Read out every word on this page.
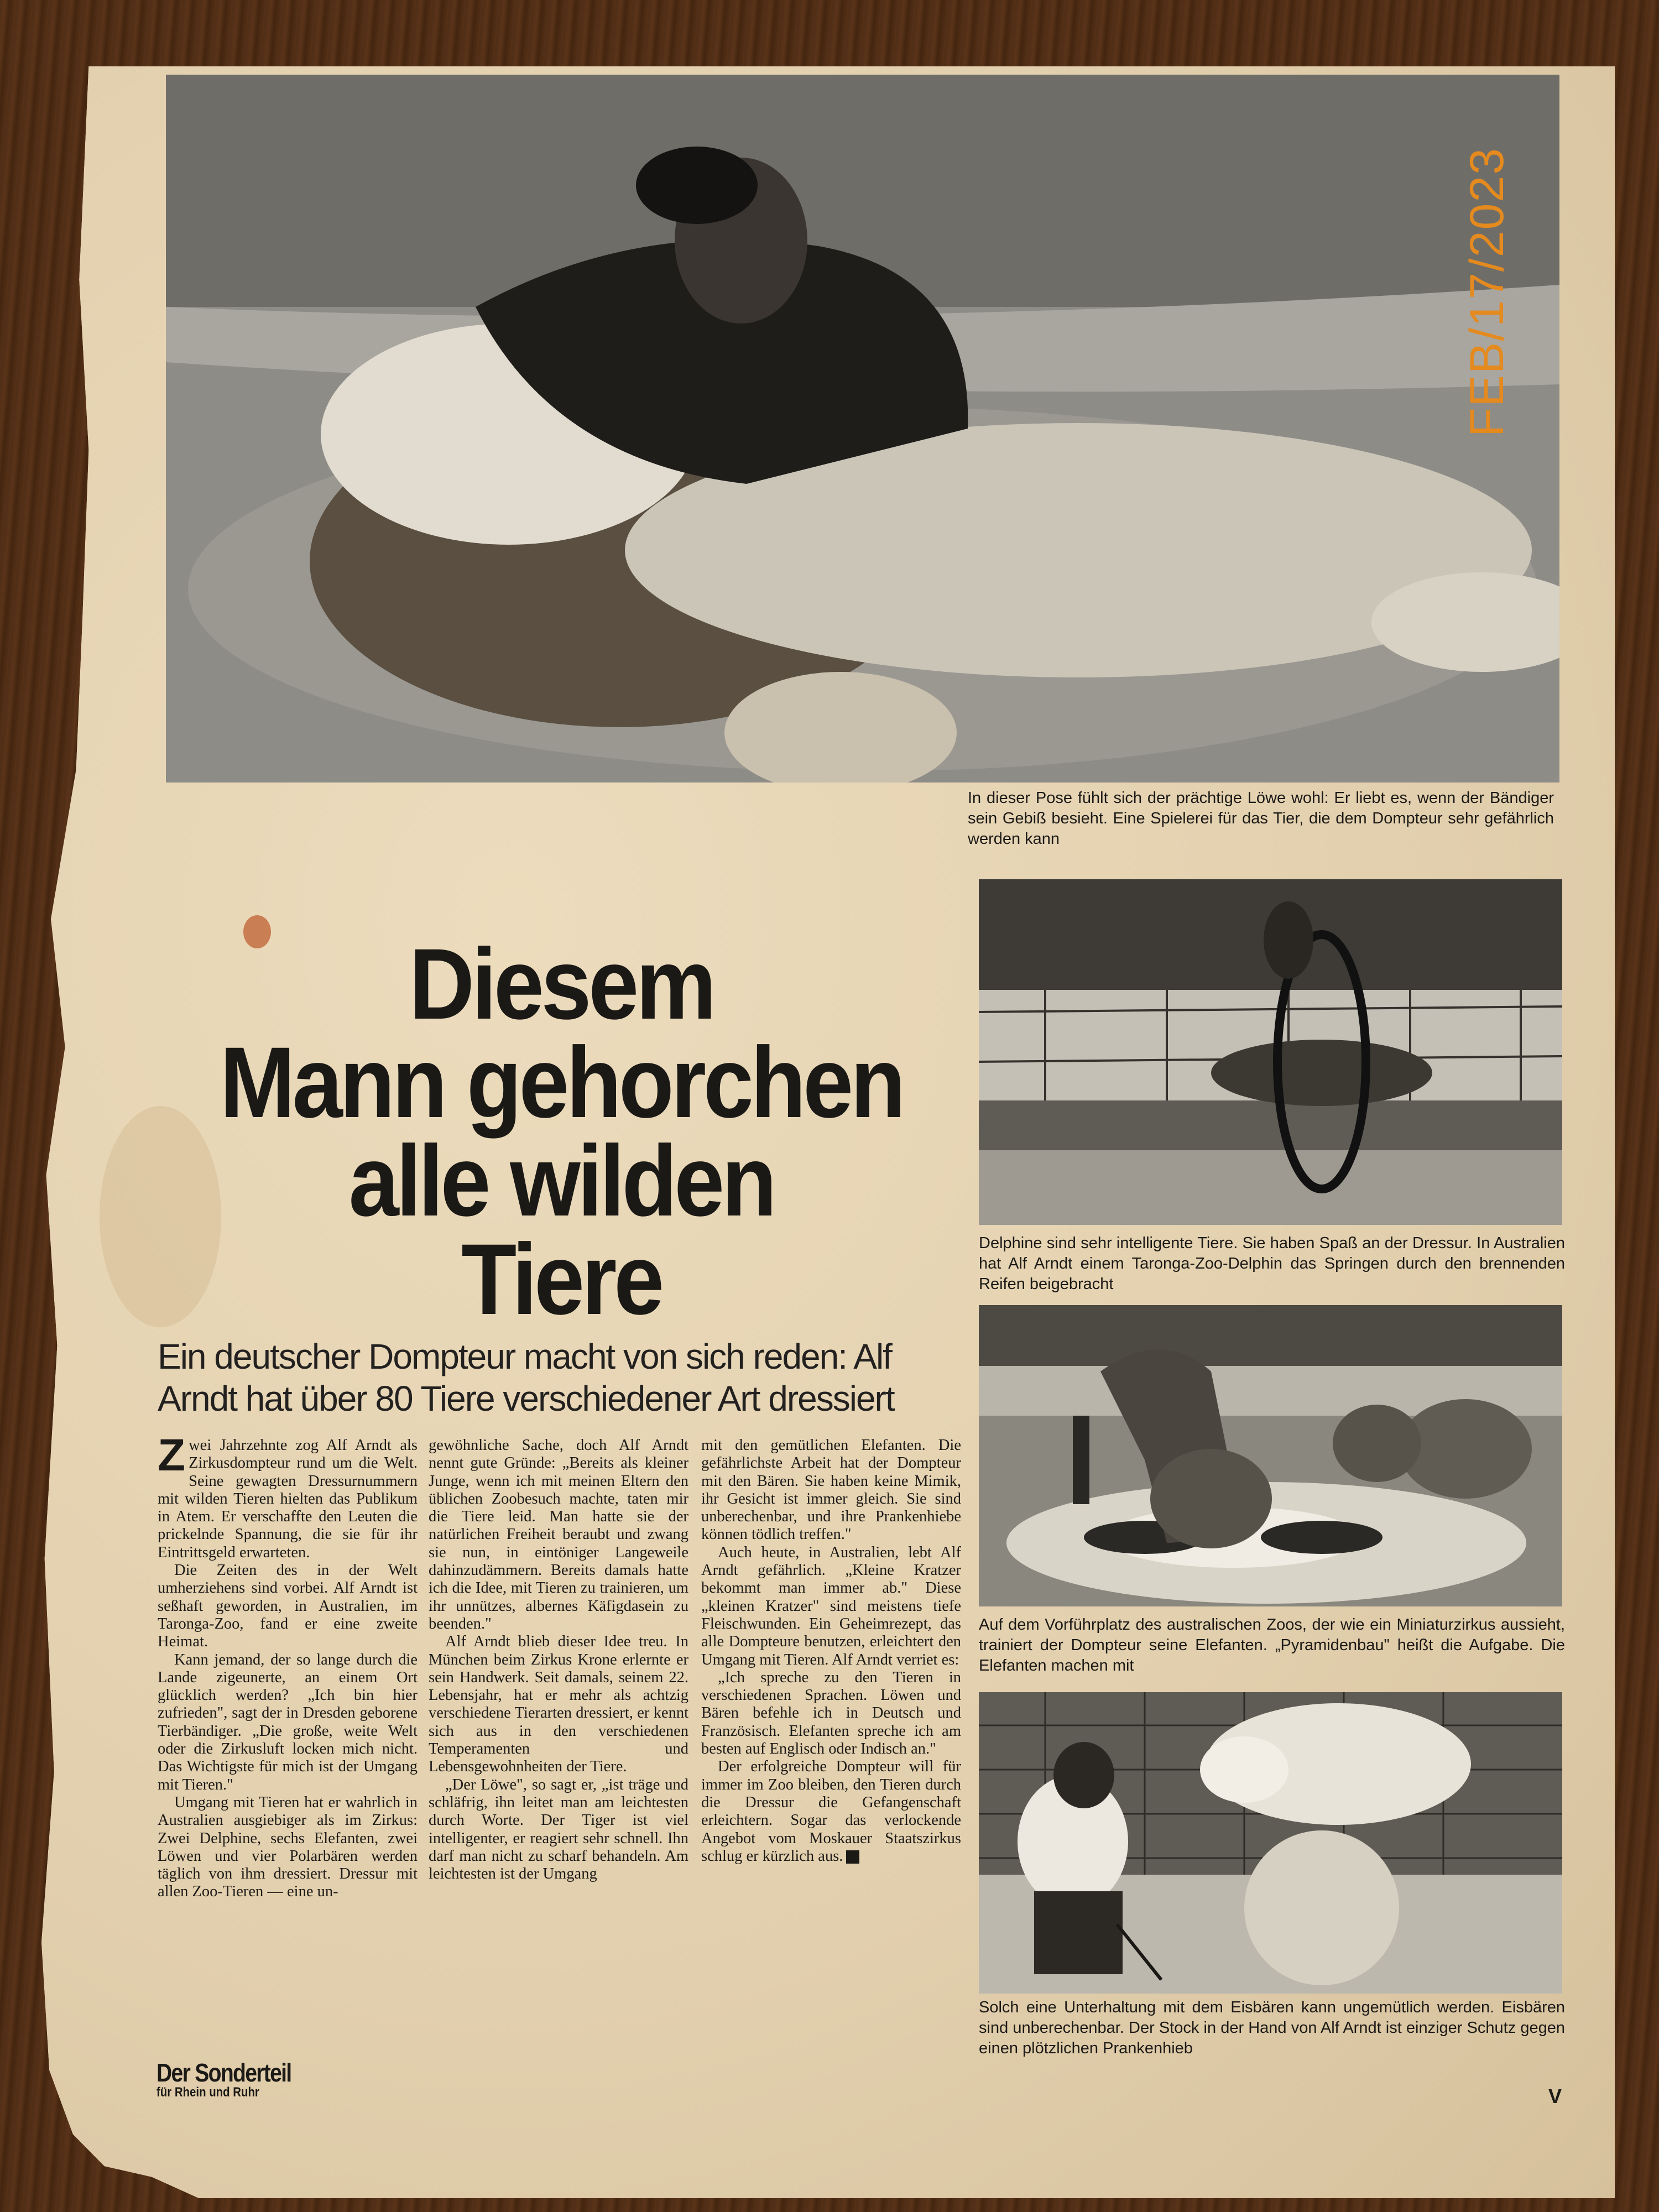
In dieser Pose fühlt sich der prächtige Löwe wohl: Er liebt es, wenn der Bändiger sein Gebiß besieht. Eine Spielerei für das Tier, die dem Dompteur sehr gefährlich werden kann

Delphine sind sehr intelligente Tiere. Sie haben Spaß an der Dressur. In Australien hat Alf Arndt einem Taronga-Zoo-Delphin das Springen durch den brennenden Reifen beigebracht

Auf dem Vorführplatz des australischen Zoos, der wie ein Miniaturzirkus aussieht, trainiert der Dompteur seine Elefanten. „Pyramidenbau" heißt die Aufgabe. Die Elefanten machen mit

Solch eine Unterhaltung mit dem Eisbären kann ungemütlich werden. Eisbären sind unberechenbar. Der Stock in der Hand von Alf Arndt ist einziger Schutz gegen einen plötzlichen Prankenhieb

Diesem
Mann gehorchen
alle wilden
Tiere

Ein deutscher Dompteur macht von sich reden: Alf Arndt hat über 80 Tiere verschiedener Art dressiert

Zwei Jahrzehnte zog Alf Arndt als Zirkusdompteur rund um die Welt. Seine gewagten Dressurnummern mit wilden Tieren hielten das Publikum in Atem. Er verschaffte den Leuten die prickelnde Spannung, die sie für ihr Eintrittsgeld erwarteten.

Die Zeiten des in der Welt umherziehens sind vorbei. Alf Arndt ist seßhaft geworden, in Australien, im Taronga-Zoo, fand er eine zweite Heimat.

Kann jemand, der so lange durch die Lande zigeunerte, an einem Ort glücklich werden? „Ich bin hier zufrieden", sagt der in Dresden geborene Tierbändiger. „Die große, weite Welt oder die Zirkusluft locken mich nicht. Das Wichtigste für mich ist der Umgang mit Tieren."

Umgang mit Tieren hat er wahrlich in Australien ausgiebiger als im Zirkus: Zwei Delphine, sechs Elefanten, zwei Löwen und vier Polarbären werden täglich von ihm dressiert. Dressur mit allen Zoo-Tieren — eine un-

gewöhnliche Sache, doch Alf Arndt nennt gute Gründe: „Bereits als kleiner Junge, wenn ich mit meinen Eltern den üblichen Zoobesuch machte, taten mir die Tiere leid. Man hatte sie der natürlichen Freiheit beraubt und zwang sie nun, in eintöniger Langeweile dahinzudämmern. Bereits damals hatte ich die Idee, mit Tieren zu trainieren, um ihr unnützes, albernes Käfigdasein zu beenden."

Alf Arndt blieb dieser Idee treu. In München beim Zirkus Krone erlernte er sein Handwerk. Seit damals, seinem 22. Lebensjahr, hat er mehr als achtzig verschiedene Tierarten dressiert, er kennt sich aus in den verschiedenen Temperamenten und Lebensgewohnheiten der Tiere.

„Der Löwe", so sagt er, „ist träge und schläfrig, ihn leitet man am leichtesten durch Worte. Der Tiger ist viel intelligenter, er reagiert sehr schnell. Ihn darf man nicht zu scharf behandeln. Am leichtesten ist der Umgang

mit den gemütlichen Elefanten. Die gefährlichste Arbeit hat der Dompteur mit den Bären. Sie haben keine Mimik, ihr Gesicht ist immer gleich. Sie sind unberechenbar, und ihre Prankenhiebe können tödlich treffen."

Auch heute, in Australien, lebt Alf Arndt gefährlich. „Kleine Kratzer bekommt man immer ab." Diese „kleinen Kratzer" sind meistens tiefe Fleischwunden. Ein Geheimrezept, das alle Dompteure benutzen, erleichtert den Umgang mit Tieren. Alf Arndt verriet es:

„Ich spreche zu den Tieren in verschiedenen Sprachen. Löwen und Bären befehle ich in Deutsch und Französisch. Elefanten spreche ich am besten auf Englisch oder Indisch an."

Der erfolgreiche Dompteur will für immer im Zoo bleiben, den Tieren durch die Dressur die Gefangenschaft erleichtern. Sogar das verlockende Angebot vom Moskauer Staatszirkus schlug er kürzlich aus.

Der Sonderteil
für Rhein und Ruhr	V
FEB/17/2023
